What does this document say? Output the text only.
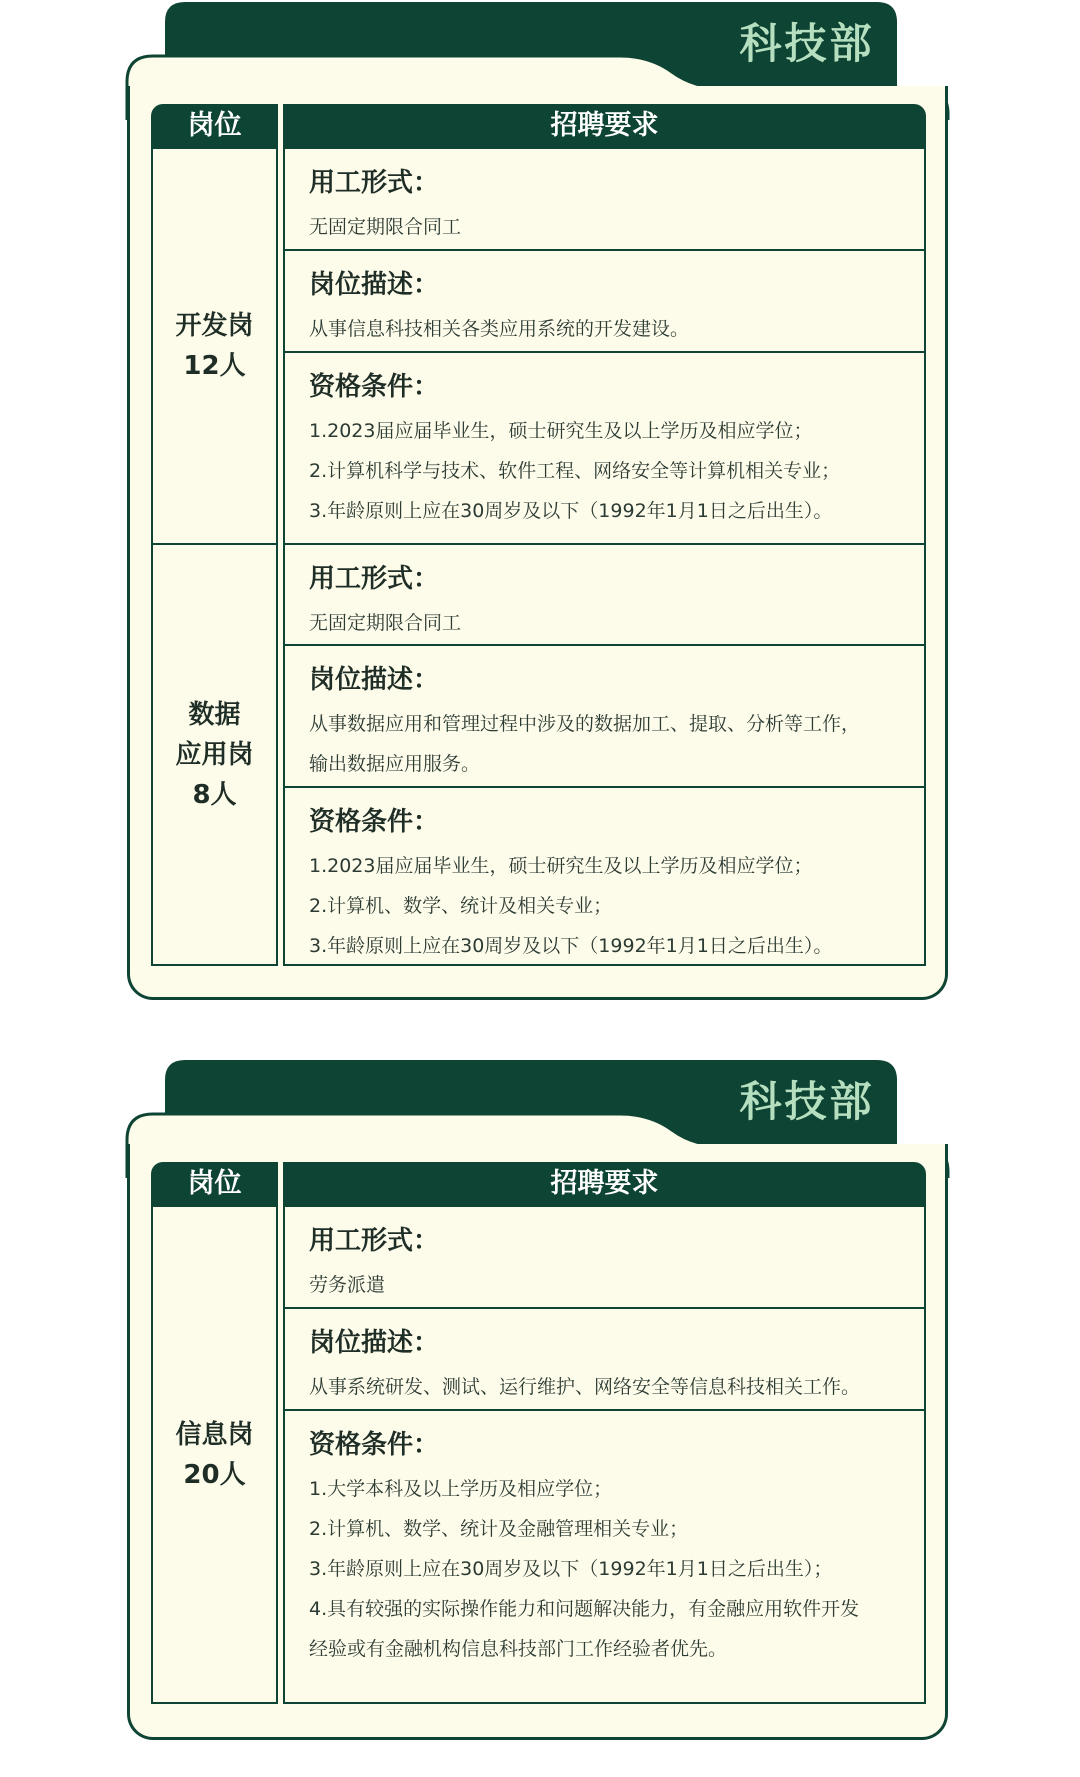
科技部
岗位	招聘要求
开发岗
12人
用工形式：
无固定期限合同工
岗位描述：
从事信息科技相关各类应用系统的开发建设。
资格条件：
1.2023届应届毕业生，硕士研究生及以上学历及相应学位；
2.计算机科学与技术、软件工程、网络安全等计算机相关专业；
3.年龄原则上应在30周岁及以下（1992年1月1日之后出生）。
数据
应用岗
8人
用工形式：
无固定期限合同工
岗位描述：
从事数据应用和管理过程中涉及的数据加工、提取、分析等工作，
输出数据应用服务。
资格条件：
1.2023届应届毕业生，硕士研究生及以上学历及相应学位；
2.计算机、数学、统计及相关专业；
3.年龄原则上应在30周岁及以下（1992年1月1日之后出生）。
科技部
岗位	招聘要求
信息岗
20人
用工形式：
劳务派遣
岗位描述：
从事系统研发、测试、运行维护、网络安全等信息科技相关工作。
资格条件：
1.大学本科及以上学历及相应学位；
2.计算机、数学、统计及金融管理相关专业；
3.年龄原则上应在30周岁及以下（1992年1月1日之后出生）；
4.具有较强的实际操作能力和问题解决能力，有金融应用软件开发
经验或有金融机构信息科技部门工作经验者优先。
